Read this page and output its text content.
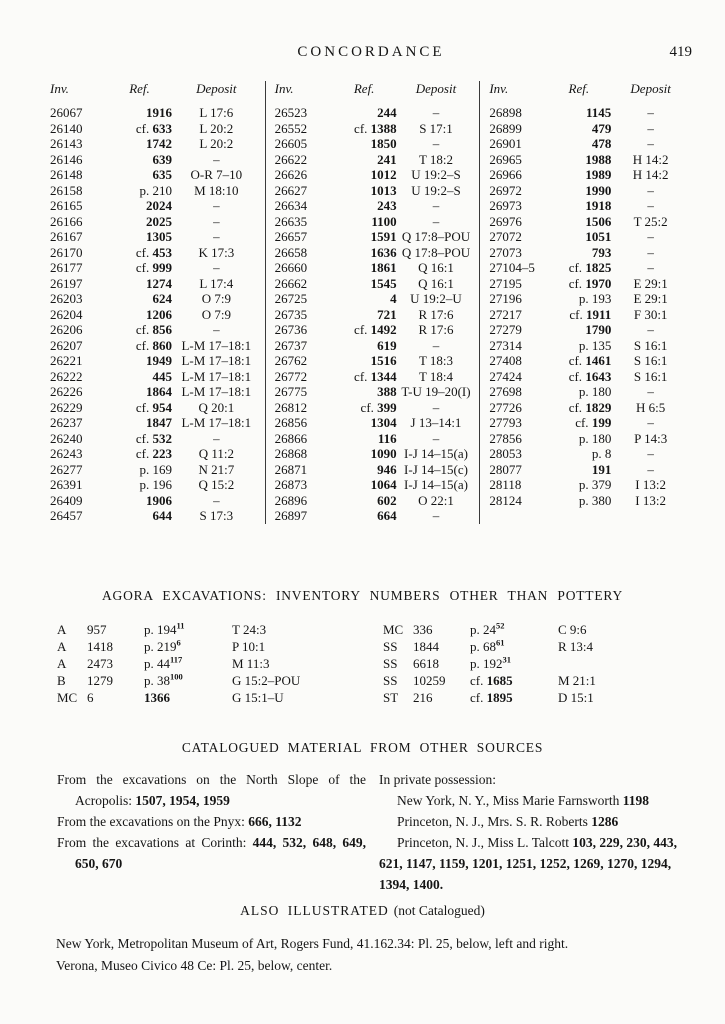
CONCORDANCE	419
Inv.	Ref.	Deposit
26067	1916	L 17:6
26140	cf. 633	L 20:2
26143	1742	L 20:2
26146	639	–
26148	635	O-R 7–10
26158	p. 210	M 18:10
26165	2024	–
26166	2025	–
26167	1305	–
26170	cf. 453	K 17:3
26177	cf. 999	–
26197	1274	L 17:4
26203	624	O 7:9
26204	1206	O 7:9
26206	cf. 856	–
26207	cf. 860 L-M 17–18:1
26221	1949 L-M 17–18:1
26222	445 L-M 17–18:1
26226	1864 L-M 17–18:1
26229	cf. 954	Q 20:1
26237	1847 L-M 17–18:1
26240	cf. 532	–
26243	cf. 223	Q 11:2
26277	p. 169	N 21:7
26391	p. 196	Q 15:2
26409	1906	–
26457	644	S 17:3
Inv.	Ref.	Deposit
26523	244	–
26552	cf. 1388	S 17:1
26605	1850	–
26622	241	T 18:2
26626	1012	U 19:2–S
26627	1013	U 19:2–S
26634	243	–
26635	1100	–
26657	1591 Q 17:8–POU
26658	1636 Q 17:8–POU
26660	1861	Q 16:1
26662	1545	Q 16:1
26725	4	U 19:2–U
26735	721	R 17:6
26736	cf. 1492	R 17:6
26737	619	–
26762	1516	T 18:3
26772	cf. 1344	T 18:4
26775	388 T-U 19–20(I)
26812	cf. 399	–
26856	1304	J 13–14:1
26866	116	–
26868	1090 I-J 14–15(a)
26871	946 I-J 14–15(c)
26873	1064 I-J 14–15(a)
26896	602	O 22:1
26897	664	–
Inv.	Ref.	Deposit
26898	1145	–
26899	479	–
26901	478	–
26965	1988	H 14:2
26966	1989	H 14:2
26972	1990	–
26973	1918	–
26976	1506	T 25:2
27072	1051	–
27073	793	–
27104–5	cf. 1825	–
27195	cf. 1970	E 29:1
27196	p. 193	E 29:1
27217	cf. 1911	F 30:1
27279	1790	–
27314	p. 135	S 16:1
27408	cf. 1461	S 16:1
27424	cf. 1643	S 16:1
27698	p. 180	–
27726	cf. 1829	H 6:5
27793	cf. 199	–
27856	p. 180	P 14:3
28053	p. 8	–
28077	191	–
28118	p. 379	I 13:2
28124	p. 380	I 13:2
AGORA EXCAVATIONS: INVENTORY NUMBERS OTHER THAN POTTERY
A	957	p. $194^{11}$	T 24:3
A	1418	p. $219^6$	P 10:1
A	2473	p. $44^{117}$	M 11:3
B	1279	p. $38^{100}$	G 15:2–POU
MC 6	1366	G 15:1–U
MC 336	p. $24^{52}$	C 9:6
SS	1844	p. $68^{61}$	R 13:4
SS	6618	p. $192^{31}$
SS	10259	cf. 1685	M 21:1
ST	216	cf. 1895	D 15:1
CATALOGUED MATERIAL FROM OTHER SOURCES

From the excavations on the North Slope of the Acropolis: 1507, 1954, 1959

From the excavations on the Pnyx: 666, 1132

From the excavations at Corinth: 444, 532, 648, 649, 650, 670

In private possession:

New York, N. Y., Miss Marie Farnsworth 1198

Princeton, N. J., Mrs. S. R. Roberts 1286

Princeton, N. J., Miss L. Talcott 103, 229, 230, 443, 621, 1147, 1159, 1201, 1251, 1252, 1269, 1270, 1294, 1394, 1400.

ALSO ILLUSTRATED (not Catalogued)

New York, Metropolitan Museum of Art, Rogers Fund, 41.162.34: Pl. 25, below, left and right.

Verona, Museo Civico 48 Ce: Pl. 25, below, center.
